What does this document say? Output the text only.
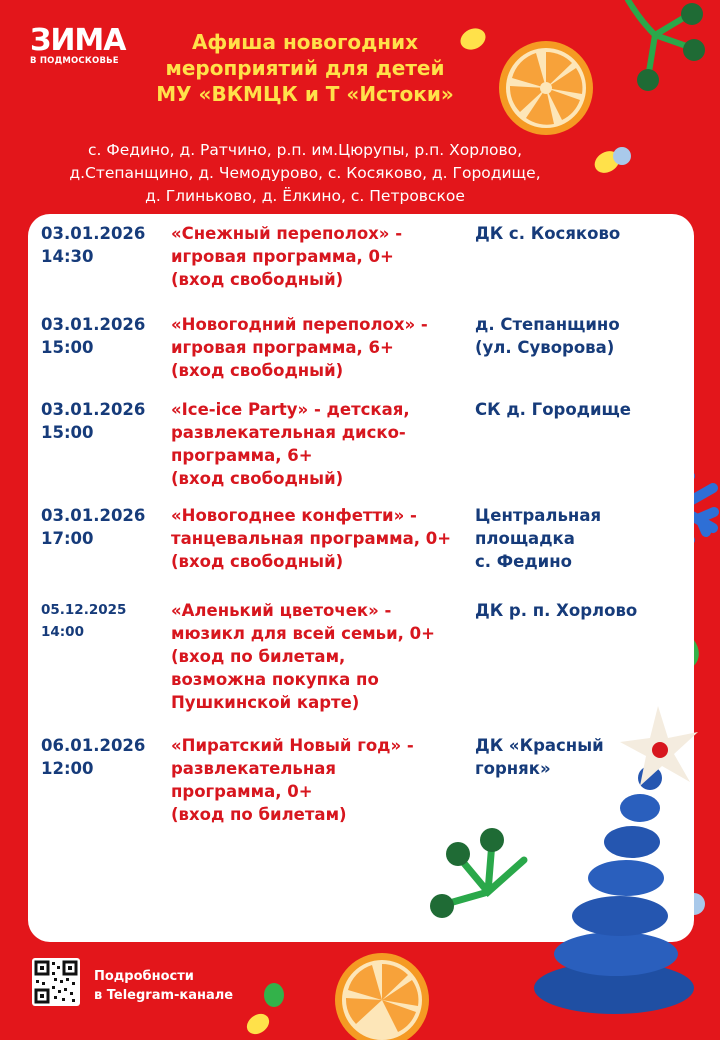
ЗИМА
В ПОДМОСКОВЬЕ
Афиша новогодних
мероприятий для детей
МУ «ВКМЦК и Т «Истоки»
с. Федино, д. Ратчино, р.п. им.Цюрупы, р.п. Хорлово,
д.Степанщино, д. Чемодурово, с. Косяково, д. Городище,
д. Глиньково, д. Ёлкино, с. Петровское
03.01.2026
14:30
«Снежный переполох» -
игровая программа, 0+
(вход свободный)
ДК с. Косяково
03.01.2026
15:00
«Новогодний переполох» -
игровая программа, 6+
(вход свободный)
д. Степанщино
(ул. Суворова)
03.01.2026
15:00
«Ice-ice Party» - детская,
развлекательная диско-
программа, 6+
(вход свободный)
СК д. Городище
03.01.2026
17:00
«Новогоднее конфетти» -
танцевальная программа, 0+
(вход свободный)
Центральная
площадка
с. Федино
05.12.2025
14:00
«Аленький цветочек» -
мюзикл для всей семьи, 0+
(вход по билетам,
возможна покупка по
Пушкинской карте)
ДК р. п. Хорлово
06.01.2026
12:00
«Пиратский Новый год» -
развлекательная
программа, 0+
(вход по билетам)
ДК «Красный
горняк»
Подробности
в Telegram-канале
